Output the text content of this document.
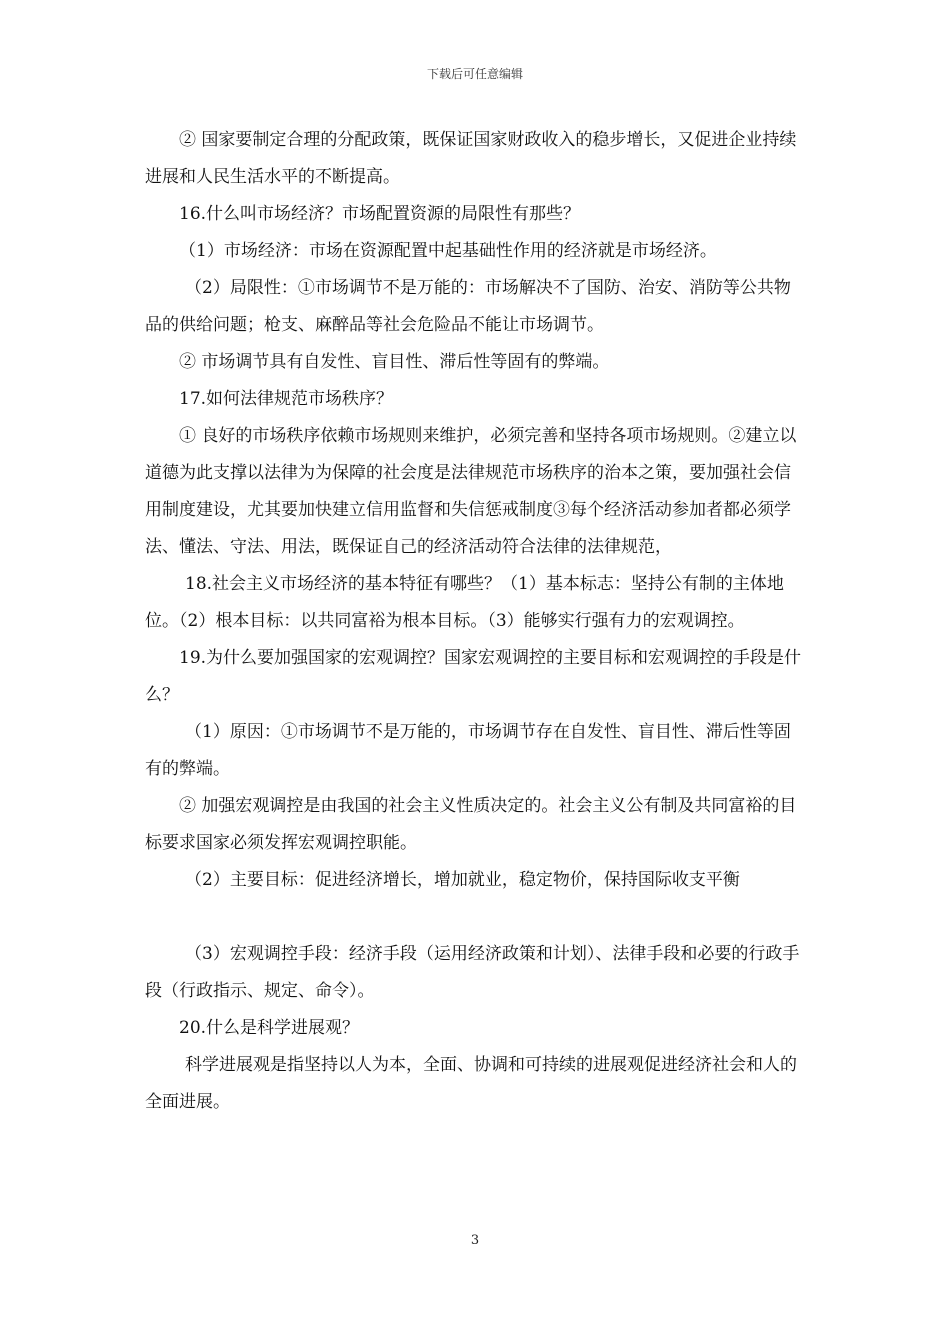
下载后可任意编辑

② 国家要制定合理的分配政策，既保证国家财政收入的稳步增长，又促进企业持续进展和人民生活水平的不断提高。

16.什么叫市场经济？市场配置资源的局限性有那些？

（1）市场经济：市场在资源配置中起基础性作用的经济就是市场经济。

（2）局限性：①市场调节不是万能的：市场解决不了国防、治安、消防等公共物品的供给问题；枪支、麻醉品等社会危险品不能让市场调节。

② 市场调节具有自发性、盲目性、滞后性等固有的弊端。

17.如何法律规范市场秩序？

① 良好的市场秩序依赖市场规则来维护，必须完善和坚持各项市场规则。②建立以道德为此支撑以法律为为保障的社会度是法律规范市场秩序的治本之策，要加强社会信用制度建设，尤其要加快建立信用监督和失信惩戒制度③每个经济活动参加者都必须学法、懂法、守法、用法，既保证自己的经济活动符合法律的法律规范，

18.社会主义市场经济的基本特征有哪些？（1）基本标志：坚持公有制的主体地位。（2）根本目标：以共同富裕为根本目标。（3）能够实行强有力的宏观调控。

19.为什么要加强国家的宏观调控？国家宏观调控的主要目标和宏观调控的手段是什么？

（1）原因：①市场调节不是万能的，市场调节存在自发性、盲目性、滞后性等固有的弊端。

② 加强宏观调控是由我国的社会主义性质决定的。社会主义公有制及共同富裕的目标要求国家必须发挥宏观调控职能。

（2）主要目标：促进经济增长，增加就业，稳定物价，保持国际收支平衡

（3）宏观调控手段：经济手段（运用经济政策和计划）、法律手段和必要的行政手段（行政指示、规定、命令）。

20.什么是科学进展观？

科学进展观是指坚持以人为本，全面、协调和可持续的进展观促进经济社会和人的全面进展。

3
